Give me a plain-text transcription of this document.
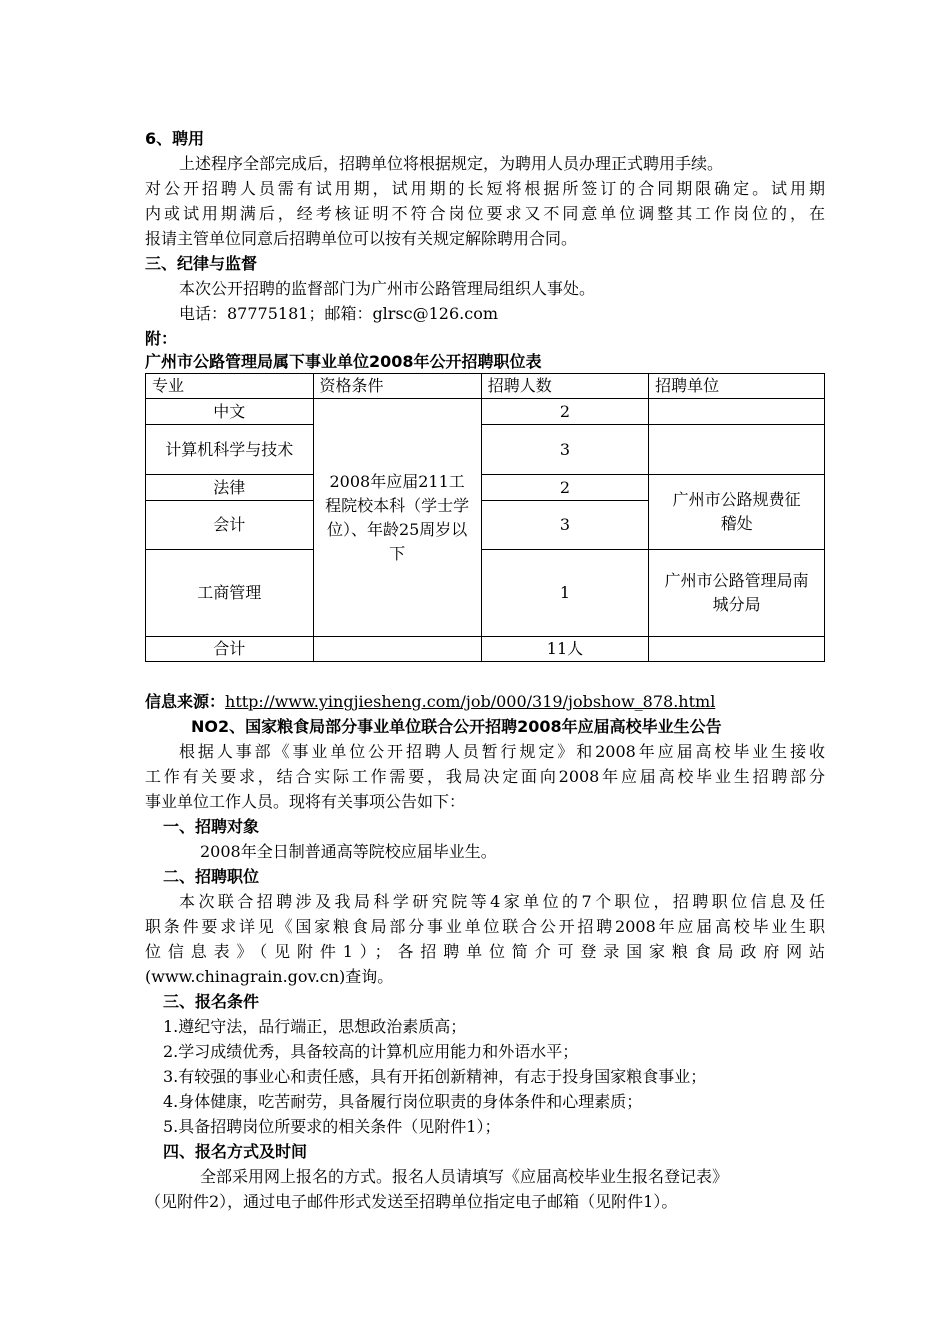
6、聘用
上述程序全部完成后，招聘单位将根据规定，为聘用人员办理正式聘用手续。
对公开招聘人员需有试用期，试用期的长短将根据所签订的合同期限确定。试用期
内或试用期满后，经考核证明不符合岗位要求又不同意单位调整其工作岗位的，在
报请主管单位同意后招聘单位可以按有关规定解除聘用合同。
三、纪律与监督
本次公开招聘的监督部门为广州市公路管理局组织人事处。
电话：87775181；邮箱：glrsc@126.com
附：
广州市公路管理局属下事业单位2008年公开招聘职位表
专业	资格条件	招聘人数	招聘单位
中文	2008年应届211工程院校本科（学士学位）、年龄25周岁以下	2	
计算机科学与技术		3	
法律		2	广州市公路规费征稽处
会计		3	
工商管理		1	广州市公路管理局南城分局
合计		11人	
信息来源：http://www.yingjiesheng.com/job/000/319/jobshow_878.html
NO2、国家粮食局部分事业单位联合公开招聘2008年应届高校毕业生公告
根据人事部《事业单位公开招聘人员暂行规定》和2008年应届高校毕业生接收
工作有关要求，结合实际工作需要，我局决定面向2008年应届高校毕业生招聘部分
事业单位工作人员。现将有关事项公告如下：
一、招聘对象
2008年全日制普通高等院校应届毕业生。
二、招聘职位
本次联合招聘涉及我局科学研究院等4家单位的7个职位，招聘职位信息及任
职条件要求详见《国家粮食局部分事业单位联合公开招聘2008年应届高校毕业生职
位信息表》（见附件1）；各招聘单位简介可登录国家粮食局政府网站
(www.chinagrain.gov.cn)查询。
三、报名条件
1.遵纪守法，品行端正，思想政治素质高；
2.学习成绩优秀，具备较高的计算机应用能力和外语水平；
3.有较强的事业心和责任感，具有开拓创新精神，有志于投身国家粮食事业；
4.身体健康，吃苦耐劳，具备履行岗位职责的身体条件和心理素质；
5.具备招聘岗位所要求的相关条件（见附件1）；
四、报名方式及时间
全部采用网上报名的方式。报名人员请填写《应届高校毕业生报名登记表》
（见附件2），通过电子邮件形式发送至招聘单位指定电子邮箱（见附件1）。
